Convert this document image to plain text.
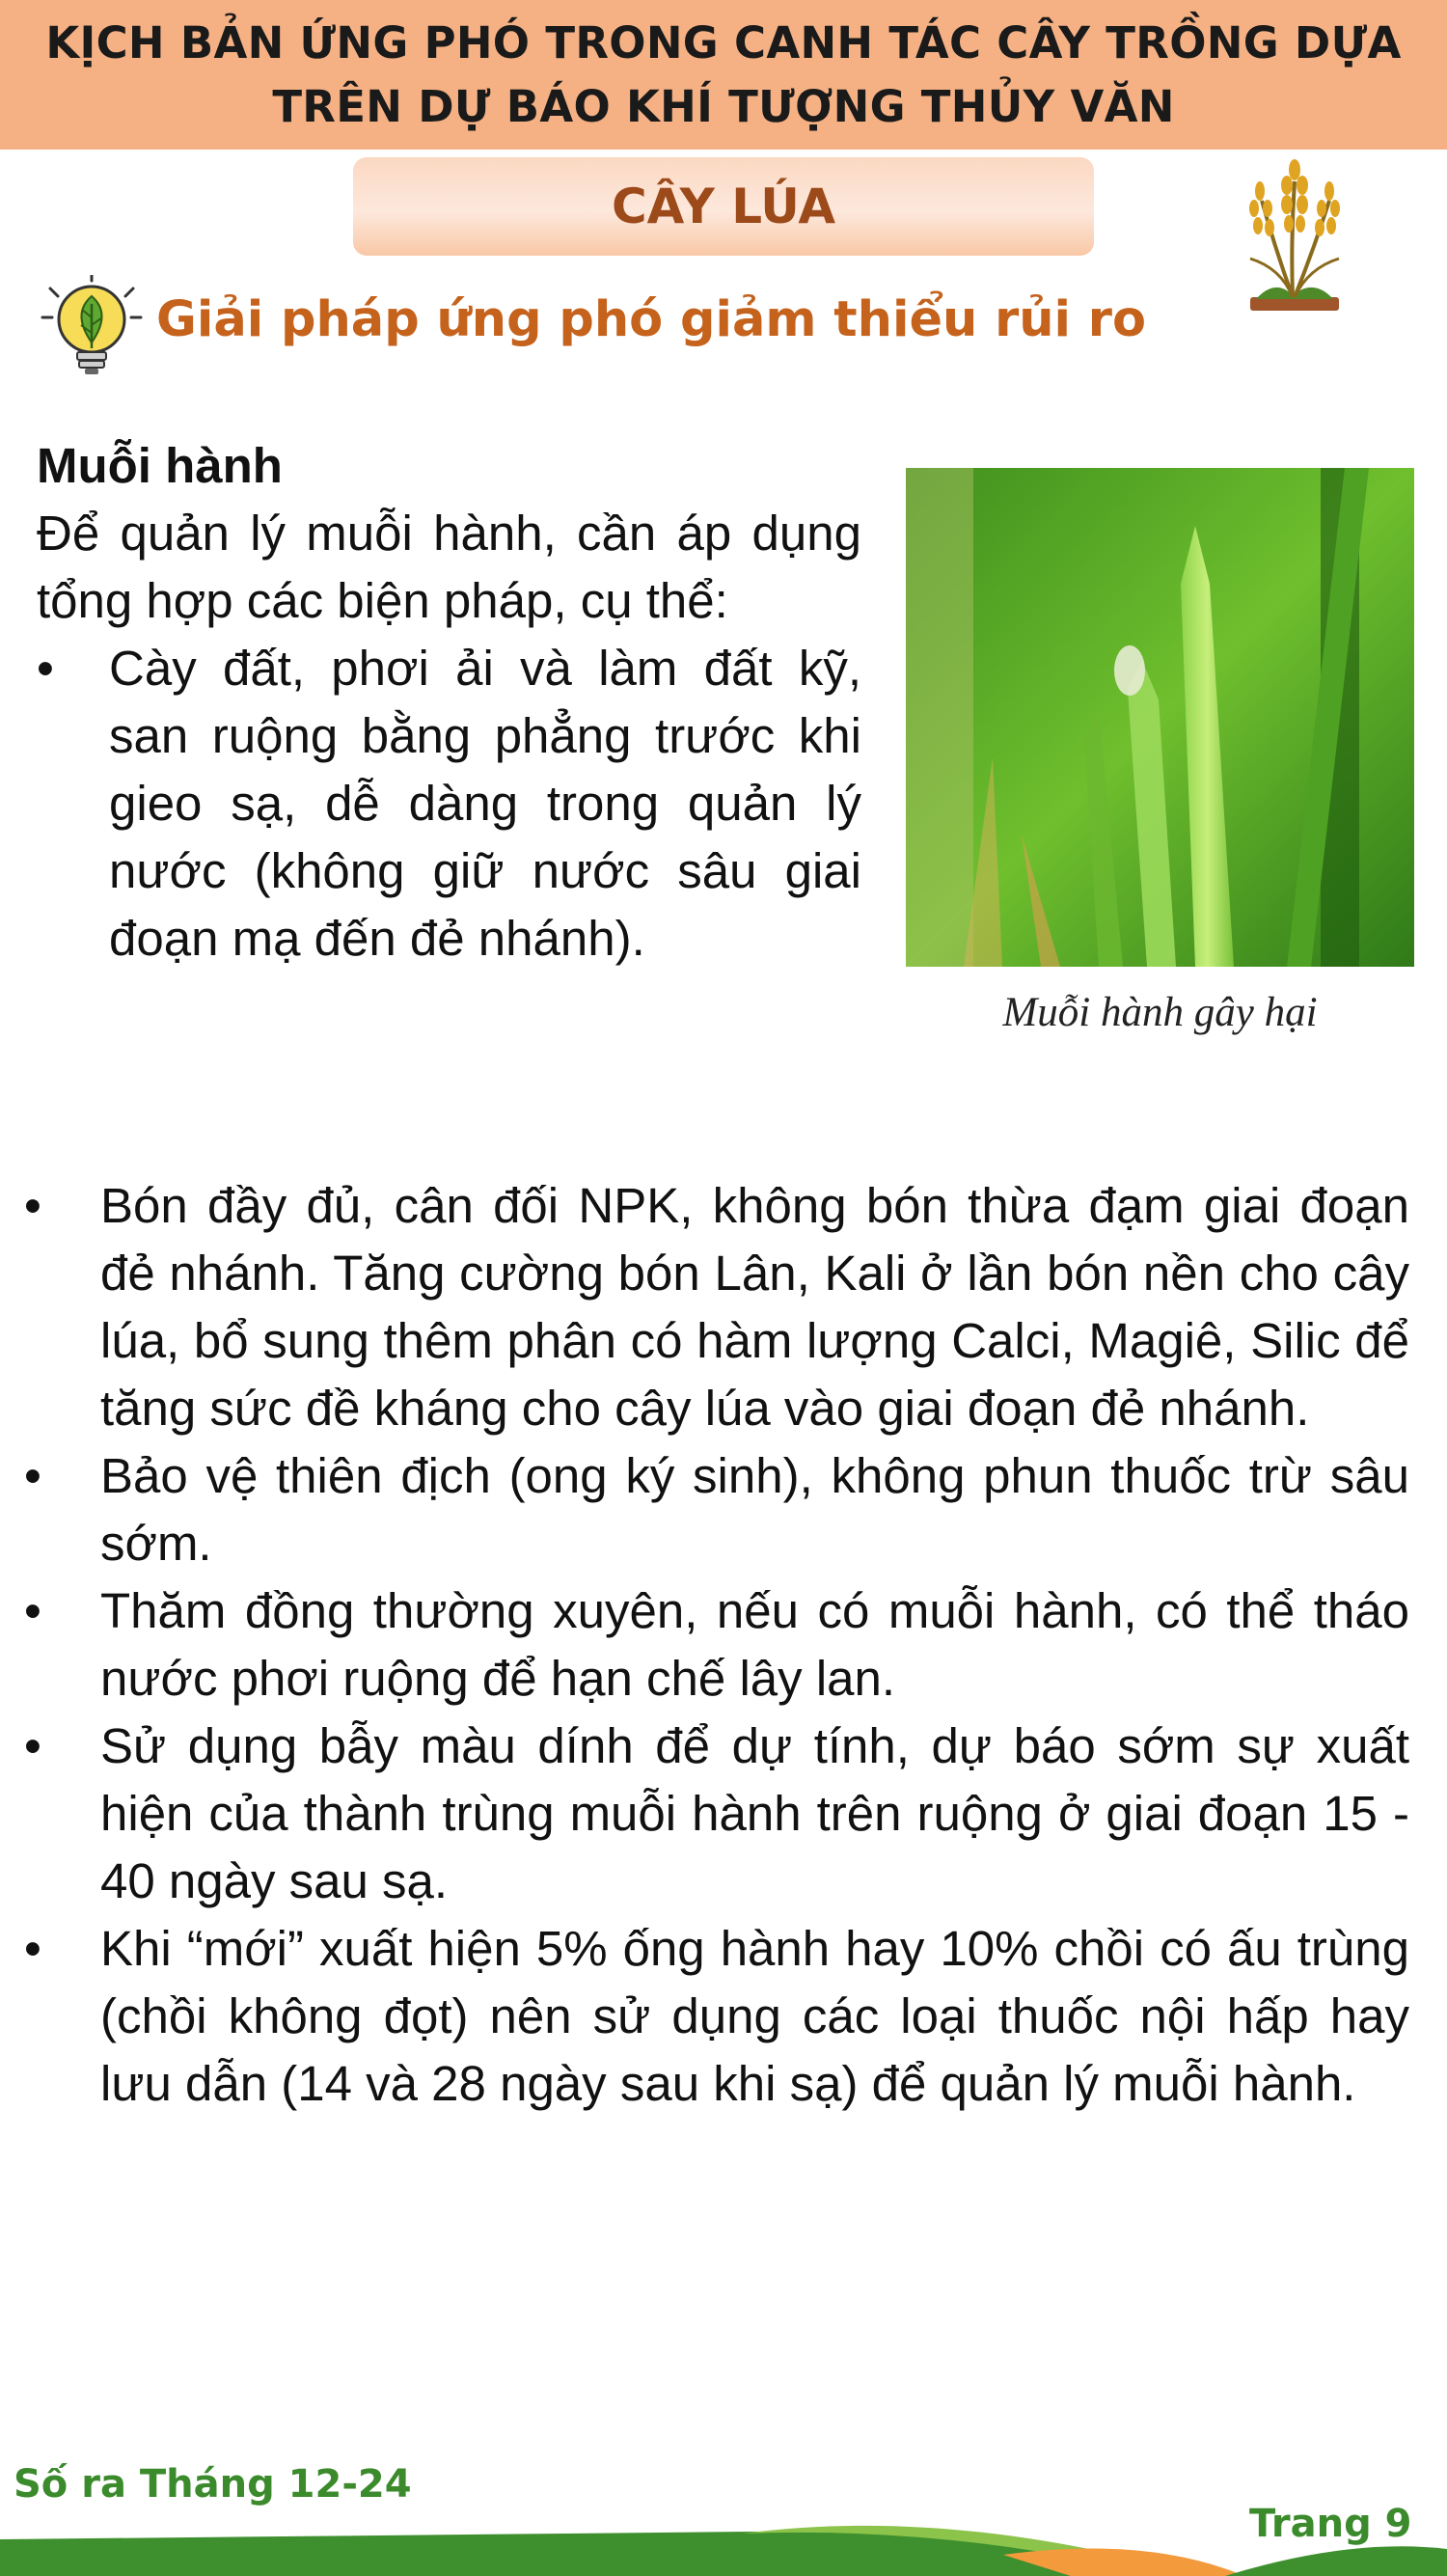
KỊCH BẢN ỨNG PHÓ TRONG CANH TÁC CÂY TRỒNG DỰA
TRÊN DỰ BÁO KHÍ TƯỢNG THỦY VĂN
CÂY LÚA
Giải pháp ứng phó giảm thiểu rủi ro
Muỗi hành

Để quản lý muỗi hành, cần áp dụng tổng hợp các biện pháp, cụ thể:

•	Cày đất, phơi ải và làm đất kỹ, san ruộng bằng phẳng trước khi gieo sạ, dễ dàng trong quản lý nước (không giữ nước sâu giai đoạn mạ đến đẻ nhánh).
Muỗi hành gây hại
•	Bón đầy đủ, cân đối NPK, không bón thừa đạm giai đoạn đẻ nhánh. Tăng cường bón Lân, Kali ở lần bón nền cho cây lúa, bổ sung thêm phân có hàm lượng Calci, Magiê, Silic để tăng sức đề kháng cho cây lúa vào giai đoạn đẻ nhánh.
•	Bảo vệ thiên địch (ong ký sinh), không phun thuốc trừ sâu sớm.
•	Thăm đồng thường xuyên, nếu có muỗi hành, có thể tháo nước phơi ruộng để hạn chế lây lan.
•	Sử dụng bẫy màu dính để dự tính, dự báo sớm sự xuất hiện của thành trùng muỗi hành trên ruộng ở giai đoạn 15 - 40 ngày sau sạ.
•	Khi “mới” xuất hiện 5% ống hành hay 10% chồi có ấu trùng (chồi không đọt) nên sử dụng các loại thuốc nội hấp hay lưu dẫn (14 và 28 ngày sau khi sạ) để quản lý muỗi hành.
Số ra Tháng 12-24
Trang 9
